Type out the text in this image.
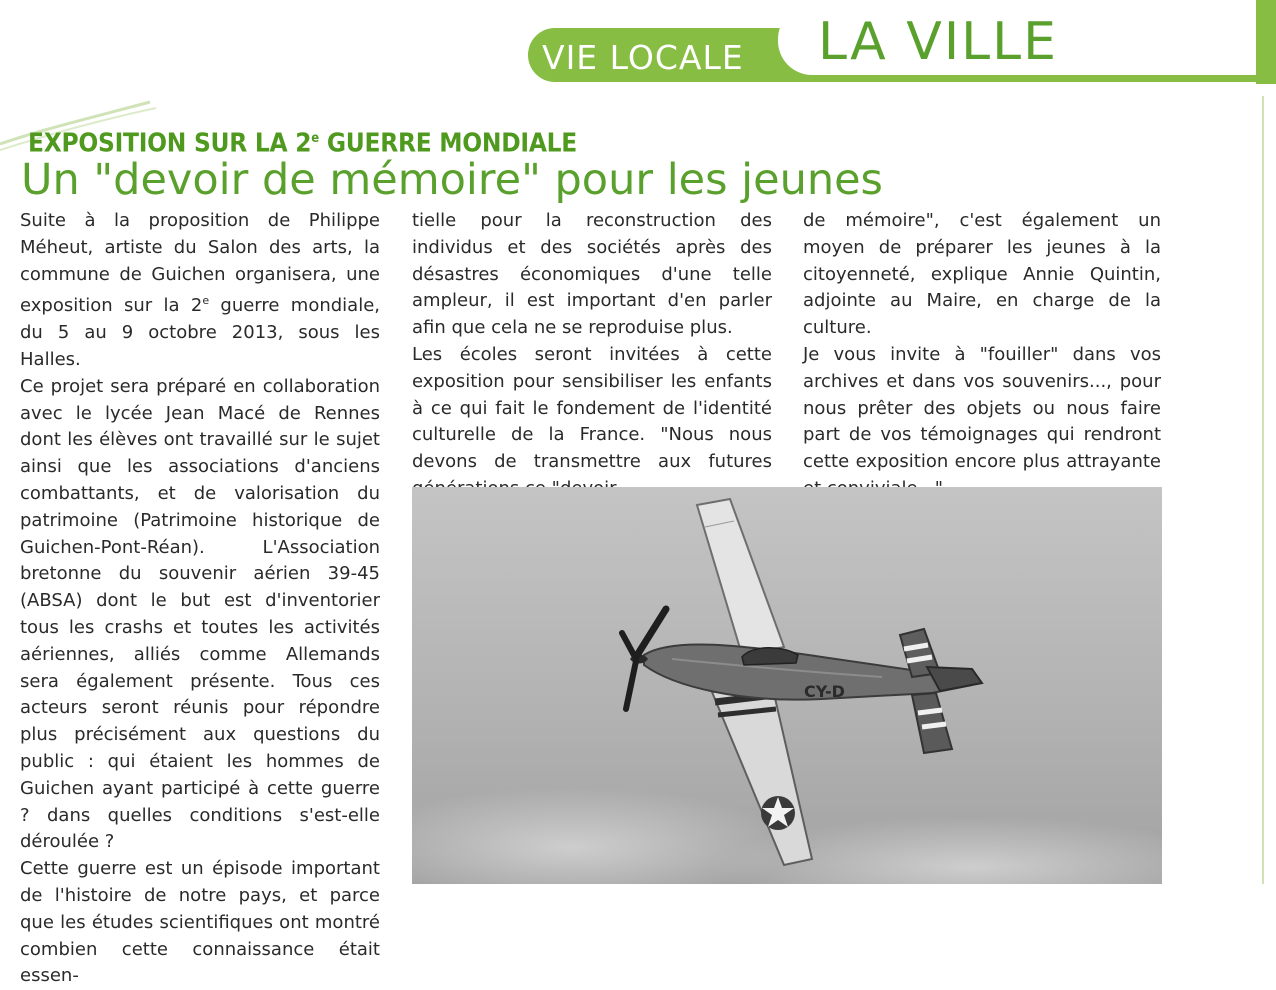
VIE LOCALE LA VILLE
EXPOSITION SUR LA 2e GUERRE MONDIALE
Un "devoir de mémoire" pour les jeunes

Suite à la proposition de Philippe Méheut, artiste du Salon des arts, la commune de Guichen organisera, une exposition sur la 2e guerre mondiale, du 5 au 9 octobre 2013, sous les Halles.

Ce projet sera préparé en collaboration avec le lycée Jean Macé de Rennes dont les élèves ont travaillé sur le sujet ainsi que les associations d'anciens combattants, et de valorisation du patrimoine (Patrimoine historique de Guichen-Pont-Réan). L'Association bretonne du souvenir aérien 39-45 (ABSA) dont le but est d'inventorier tous les crashs et toutes les activités aériennes, alliés comme Allemands sera également présente. Tous ces acteurs seront réunis pour répondre plus précisément aux questions du public : qui étaient les hommes de Guichen ayant participé à cette guerre ? dans quelles conditions s'est-elle déroulée ?

Cette guerre est un épisode important de l'histoire de notre pays, et parce que les études scientifiques ont montré combien cette connaissance était essen-

tielle pour la reconstruction des individus et des sociétés après des désastres économiques d'une telle ampleur, il est important d'en parler afin que cela ne se reproduise plus.

Les écoles seront invitées à cette exposition pour sensibiliser les enfants à ce qui fait le fondement de l'identité culturelle de la France. "Nous nous devons de transmettre aux futures

de mémoire", c'est également un moyen de préparer les jeunes à la citoyenneté, explique Annie Quintin, adjointe au Maire, en charge de la culture.

Je vous invite à "fouiller" dans vos archives et dans vos souvenirs..., pour nous prêter des objets ou nous faire part de vos témoignages qui rendront cette exposition encore plus attrayante

CY-D
